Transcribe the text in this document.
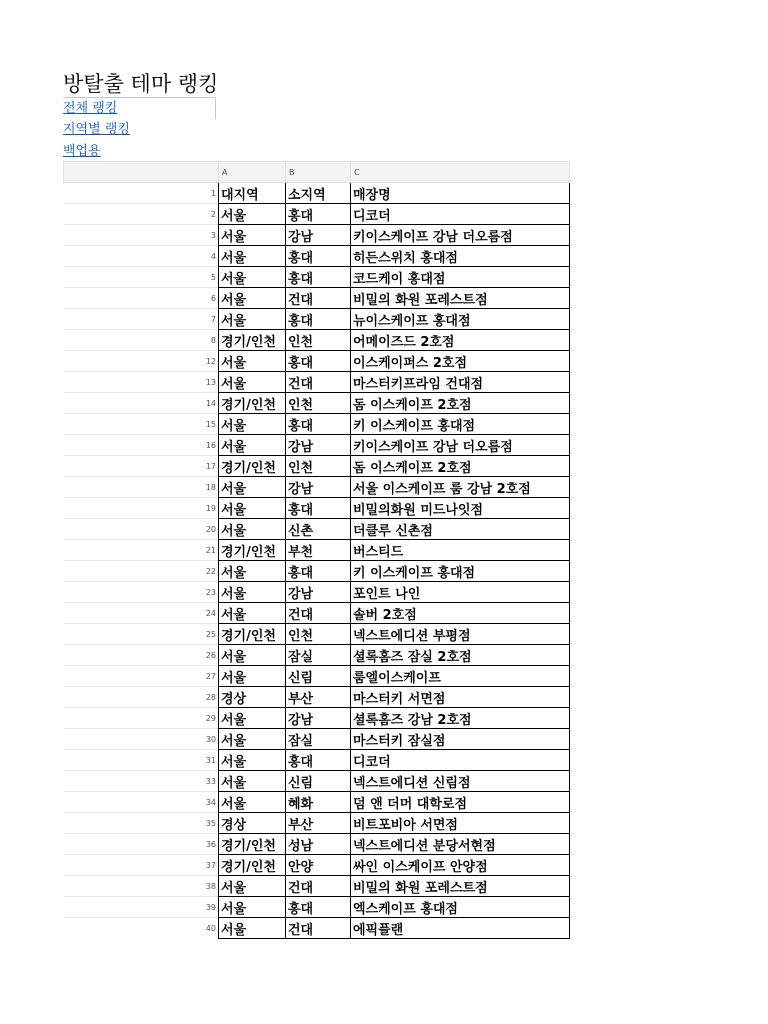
방탈출 테마 랭킹
전체 랭킹
지역별 랭킹
백업용
	A	B	C
1	대지역	소지역	매장명
2	서울	홍대	디코더
3	서울	강남	키이스케이프 강남 더오름점
4	서울	홍대	히든스위치 홍대점
5	서울	홍대	코드케이 홍대점
6	서울	건대	비밀의 화원 포레스트점
7	서울	홍대	뉴이스케이프 홍대점
8	경기/인천	인천	어메이즈드 2호점
12	서울	홍대	이스케이퍼스 2호점
13	서울	건대	마스터키프라임 건대점
14	경기/인천	인천	돔 이스케이프 2호점
15	서울	홍대	키 이스케이프 홍대점
16	서울	강남	키이스케이프 강남 더오름점
17	경기/인천	인천	돔 이스케이프 2호점
18	서울	강남	서울 이스케이프 룸 강남 2호점
19	서울	홍대	비밀의화원 미드나잇점
20	서울	신촌	더클루 신촌점
21	경기/인천	부천	버스티드
22	서울	홍대	키 이스케이프 홍대점
23	서울	강남	포인트 나인
24	서울	건대	솔버 2호점
25	경기/인천	인천	넥스트에디션 부평점
26	서울	잠실	셜록홈즈 잠실 2호점
27	서울	신림	룸엘이스케이프
28	경상	부산	마스터키 서면점
29	서울	강남	셜록홈즈 강남 2호점
30	서울	잠실	마스터키 잠실점
31	서울	홍대	디코더
33	서울	신림	넥스트에디션 신림점
34	서울	혜화	덤 앤 더머 대학로점
35	경상	부산	비트포비아 서면점
36	경기/인천	성남	넥스트에디션 분당서현점
37	경기/인천	안양	싸인 이스케이프 안양점
38	서울	건대	비밀의 화원 포레스트점
39	서울	홍대	엑스케이프 홍대점
40	서울	건대	에픽플랜
